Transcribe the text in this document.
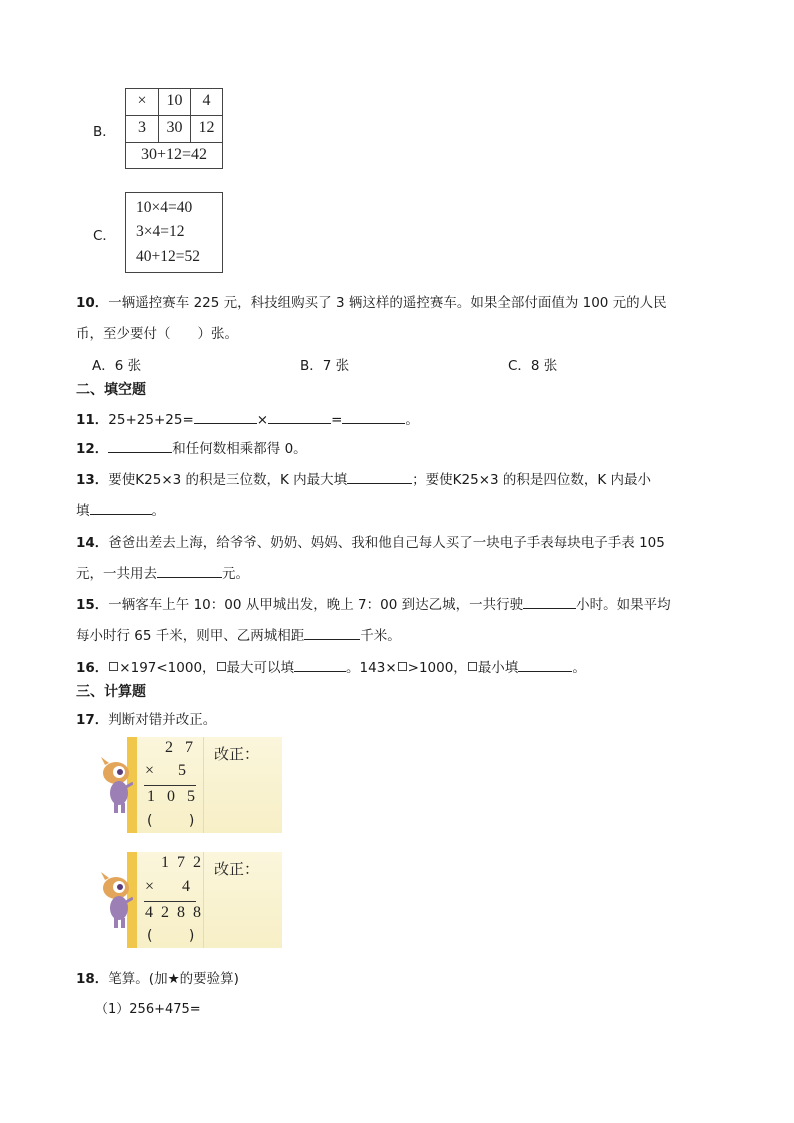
B．
×	10	4
3	30	12
30+12=42
C．
10×4=40
3×4=12
40+12=52
10．一辆遥控赛车 225 元，科技组购买了 3 辆这样的遥控赛车。如果全部付面值为 100 元的人民
币，至少要付（　　）张。
A．6 张	B．7 张	C．8 张
二、填空题
11．25+25+25=	×	=	。
12．	和任何数相乘都得 0。
13．要使K25×3 的积是三位数，K 内最大填	；要使K25×3 的积是四位数，K 内最小
填	。
14．爸爸出差去上海，给爷爷、奶奶、妈妈、我和他自己每人买了一块电子手表每块电子手表 105
元，一共用去	元。
15．一辆客车上午 10：00 从甲城出发，晚上 7：00 到达乙城，一共行驶	小时。如果平均
每小时行 65 千米，则甲、乙两城相距	千米。
16． ×197<1000， 最大可以填	。143× >1000， 最小填	。
三、计算题
17．判断对错并改正。
2 7
× 5
1 0 5
( )
改正：
1 7 2
× 4
4 2 8 8
( )
改正：
18．笔算。(加★的要验算)
（1）256+475=
